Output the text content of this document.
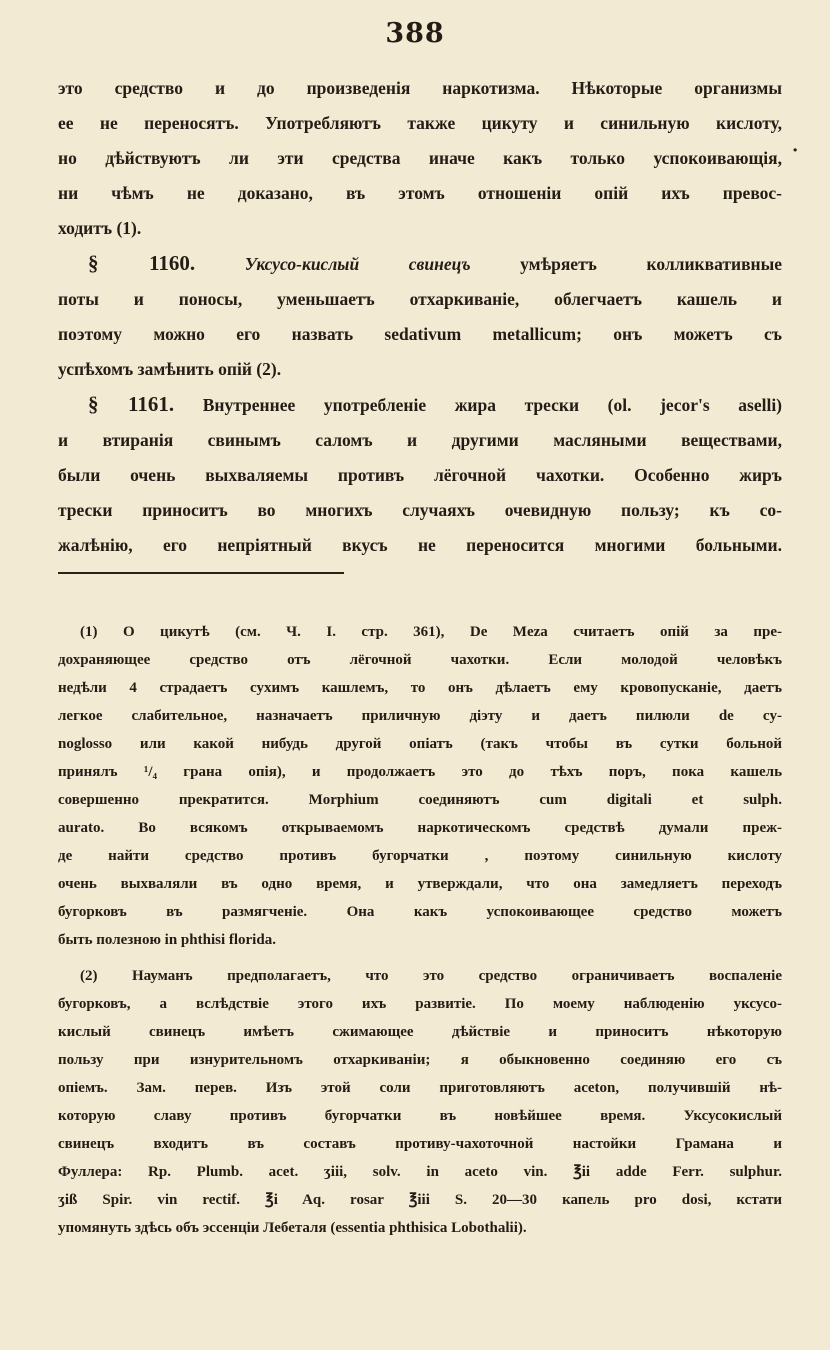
388
это средство и до произведенія наркотизма. Нѣкоторые организмы
ее не переносятъ. Употребляютъ также цикуту и синильную кислоту,
но дѣйствуютъ ли эти средства иначе какъ только успокоивающія,
ни чѣмъ не доказано, въ этомъ отношеніи опій ихъ превос-
ходитъ (1).
§ 1160.	Уксусо-кислый свинецъ	умѣряетъ колликвативные
поты и поносы, уменьшаетъ отхаркиваніе, облегчаетъ кашель и
поэтому можно его назвать sedativum metallicum; онъ можетъ съ
успѣхомъ замѣнить опій (2).
§ 1161. Внутреннее употребленіе жира трески (ol. jecor's aselli)
и втиранія свинымъ саломъ и другими масляными веществами,
были очень выхваляемы противъ лёгочной чахотки. Особенно жиръ
трески приноситъ во многихъ случаяхъ очевидную пользу; къ со-
жалѣнію, его непріятный вкусъ не переносится многими больными.
(1) О цикутѣ (см. Ч. І. стр. 361), De Meza считаетъ опій за пре-
дохраняющее средство отъ лёгочной чахотки. Если молодой человѣкъ
недѣли 4 страдаетъ сухимъ кашлемъ, то онъ дѣлаетъ ему кровопусканіе, даетъ
легкое слабительное, назначаетъ приличную діэту и даетъ пилюли de cy-
noglosso или какой нибудь другой опіатъ (такъ чтобы въ сутки больной
принялъ ¹/₄ грана опія), и продолжаетъ это до тѣхъ поръ, пока кашель
совершенно прекратится. Morphium соединяютъ cum digitali et sulph.
aurato. Во всякомъ открываемомъ наркотическомъ средствѣ думали преж-
де найти средство противъ бугорчатки , поэтому синильную кислоту
очень выхваляли въ одно время, и утверждали, что она замедляетъ переходъ
бугорковъ въ размягченіе. Она какъ успокоивающее средство можетъ
быть полезною in phthisi florida.
(2) Науманъ предполагаетъ, что это средство ограничиваетъ воспаленіе
бугорковъ, а вслѣдствіе этого ихъ развитіе. По моему наблюденію уксусо-
кислый свинецъ имѣетъ сжимающее дѣйствіе и приноситъ нѣкоторую
пользу при изнурительномъ отхаркиваніи; я обыкновенно соединяю его съ
опіемъ. Зам. перев. Изъ этой соли приготовляютъ aceton, получившій нѣ-
которую славу противъ бугорчатки въ новѣйшее время. Уксусокислый
свинецъ входитъ въ составъ противу-чахоточной настойки Грамана и
Фуллера: Rp. Plumb. acet. ʒiii, solv. in aceto vin. ℥ii adde Ferr. sulphur.
ʒiß Spir. vin rectif. ℥i Aq. rosar ℥iii S. 20—30 капель pro dosi, кстати
упомянуть здѣсь объ эссенціи Лебеталя (essentia phthisica Lobothalii).
·
